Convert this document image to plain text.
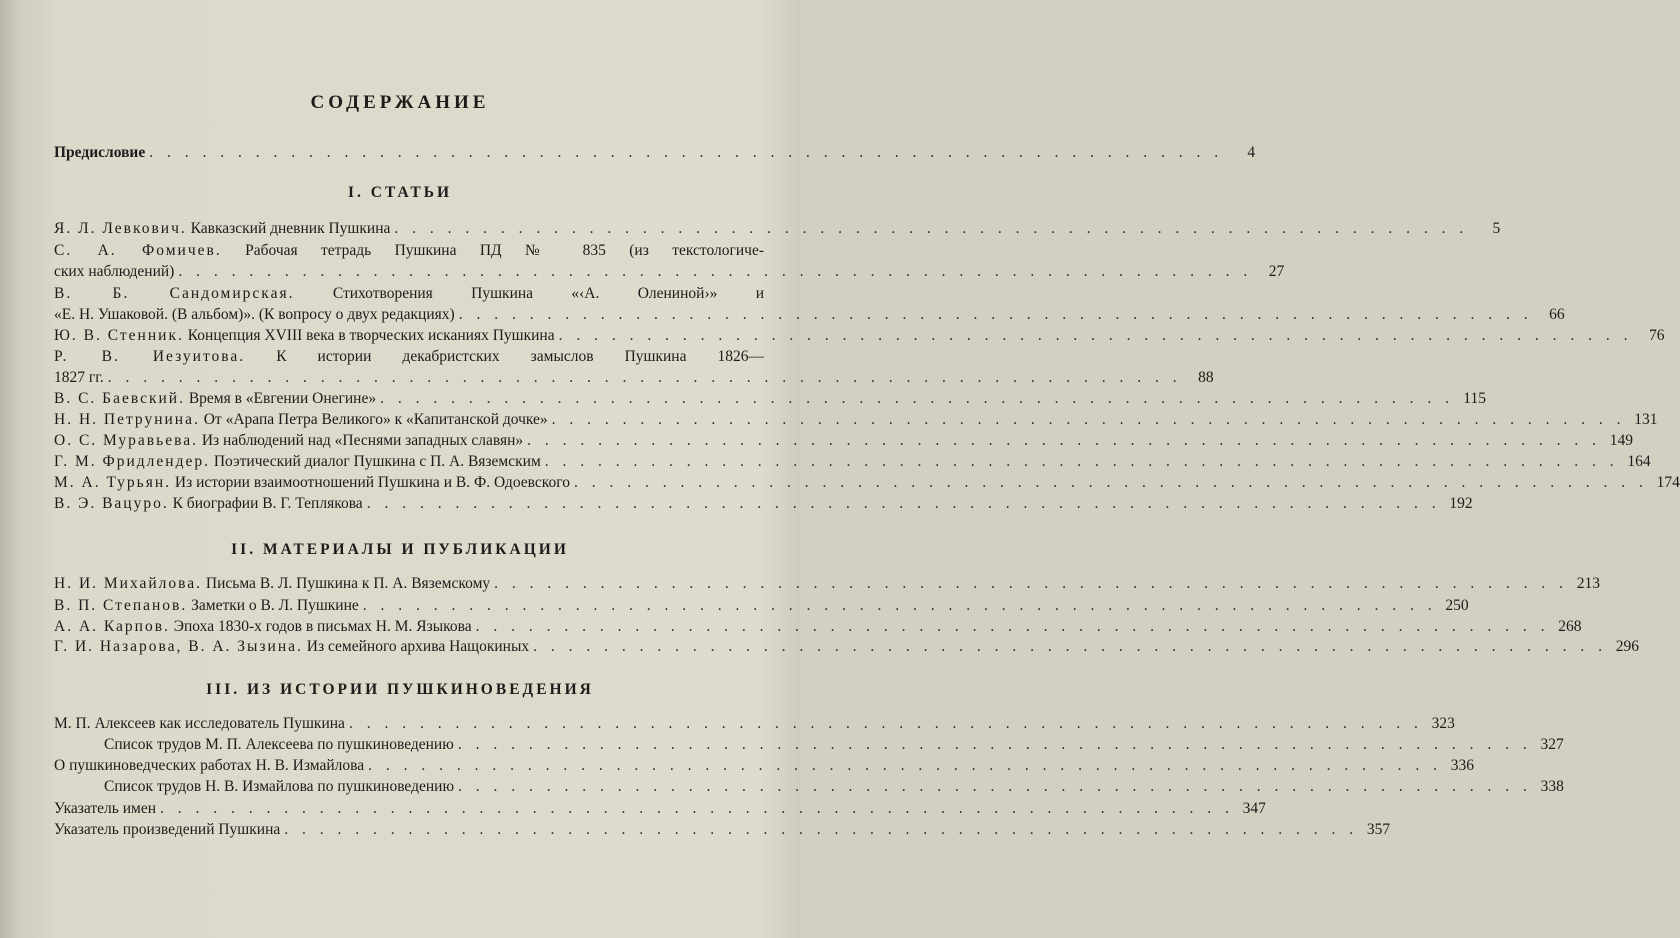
СОДЕРЖАНИЕ
Предисловие . . . . . . . . . . . . . . . . . . . . . . . . . . . . . . . . . . . . . . . . . . . . . . . . . . . . . . . . . . . . .	4
I. СТАТЬИ
Я. Л. Левкович. Кавказский дневник Пушкина . . . . . . . . . . . . . . . . . . . . . . . . . . . . . . . . . . . . . . . . . . . . . . . . . . . . . . . . . . . . .	5
С. А. Фомичев. Рабочая тетрадь Пушкина ПД № 835 (из текстологиче-
ских наблюдений) . . . . . . . . . . . . . . . . . . . . . . . . . . . . . . . . . . . . . . . . . . . . . . . . . . . . . . . . . . . . .	27
В. Б. Сандомирская. Стихотворения Пушкина «‹А. Олениной›» и
«Е. Н. Ушаковой. (В альбом)». (К вопросу о двух редакциях) . . . . . . . . . . . . . . . . . . . . . . . . . . . . . . . . . . . . . . . . . . . . . . . . . . . . . . . . . . . . .	66
Ю. В. Стенник. Концепция XVIII века в творческих исканиях Пушкина . . . . . . . . . . . . . . . . . . . . . . . . . . . . . . . . . . . . . . . . . . . . . . . . . . . . . . . . . . . . .	76
Р. В. Иезуитова. К истории декабристских замыслов Пушкина 1826—
1827 гг. . . . . . . . . . . . . . . . . . . . . . . . . . . . . . . . . . . . . . . . . . . . . . . . . . . . . . . . . . . . . .	88
В. С. Баевский. Время в «Евгении Онегине» . . . . . . . . . . . . . . . . . . . . . . . . . . . . . . . . . . . . . . . . . . . . . . . . . . . . . . . . . . . . . 115
Н. Н. Петрунина. От «Арапа Петра Великого» к «Капитанской дочке» . . . . . . . . . . . . . . . . . . . . . . . . . . . . . . . . . . . . . . . . . . . . . . . . . . . . . . . . . . . . . 131
О. С. Муравьева. Из наблюдений над «Песнями западных славян» . . . . . . . . . . . . . . . . . . . . . . . . . . . . . . . . . . . . . . . . . . . . . . . . . . . . . . . . . . . . . 149
Г. М. Фридлендер. Поэтический диалог Пушкина с П. А. Вяземским . . . . . . . . . . . . . . . . . . . . . . . . . . . . . . . . . . . . . . . . . . . . . . . . . . . . . . . . . . . . . 164
М. А. Турьян. Из истории взаимоотношений Пушкина и В. Ф. Одоевского . . . . . . . . . . . . . . . . . . . . . . . . . . . . . . . . . . . . . . . . . . . . . . . . . . . . . . . . . . . . . 174
В. Э. Вацуро. К биографии В. Г. Теплякова . . . . . . . . . . . . . . . . . . . . . . . . . . . . . . . . . . . . . . . . . . . . . . . . . . . . . . . . . . . . . 192
II. МАТЕРИАЛЫ И ПУБЛИКАЦИИ
Н. И. Михайлова. Письма В. Л. Пушкина к П. А. Вяземскому . . . . . . . . . . . . . . . . . . . . . . . . . . . . . . . . . . . . . . . . . . . . . . . . . . . . . . . . . . . . . 213
В. П. Степанов. Заметки о В. Л. Пушкине . . . . . . . . . . . . . . . . . . . . . . . . . . . . . . . . . . . . . . . . . . . . . . . . . . . . . . . . . . . . . 250
А. А. Карпов. Эпоха 1830-х годов в письмах Н. М. Языкова . . . . . . . . . . . . . . . . . . . . . . . . . . . . . . . . . . . . . . . . . . . . . . . . . . . . . . . . . . . . . 268
Г. И. Назарова, В. А. Зызина. Из семейного архива Нащокиных . . . . . . . . . . . . . . . . . . . . . . . . . . . . . . . . . . . . . . . . . . . . . . . . . . . . . . . . . . . . . 296
III. ИЗ ИСТОРИИ ПУШКИНОВЕДЕНИЯ
М. П. Алексеев как исследователь Пушкина . . . . . . . . . . . . . . . . . . . . . . . . . . . . . . . . . . . . . . . . . . . . . . . . . . . . . . . . . . . . . 323
Список трудов М. П. Алексеева по пушкиноведению . . . . . . . . . . . . . . . . . . . . . . . . . . . . . . . . . . . . . . . . . . . . . . . . . . . . . . . . . . . . . 327
О пушкиноведческих работах Н. В. Измайлова . . . . . . . . . . . . . . . . . . . . . . . . . . . . . . . . . . . . . . . . . . . . . . . . . . . . . . . . . . . . . 336
Список трудов Н. В. Измайлова по пушкиноведению . . . . . . . . . . . . . . . . . . . . . . . . . . . . . . . . . . . . . . . . . . . . . . . . . . . . . . . . . . . . . 338
Указатель имен . . . . . . . . . . . . . . . . . . . . . . . . . . . . . . . . . . . . . . . . . . . . . . . . . . . . . . . . . . . . . 347
Указатель произведений Пушкина . . . . . . . . . . . . . . . . . . . . . . . . . . . . . . . . . . . . . . . . . . . . . . . . . . . . . . . . . . . . . 357
